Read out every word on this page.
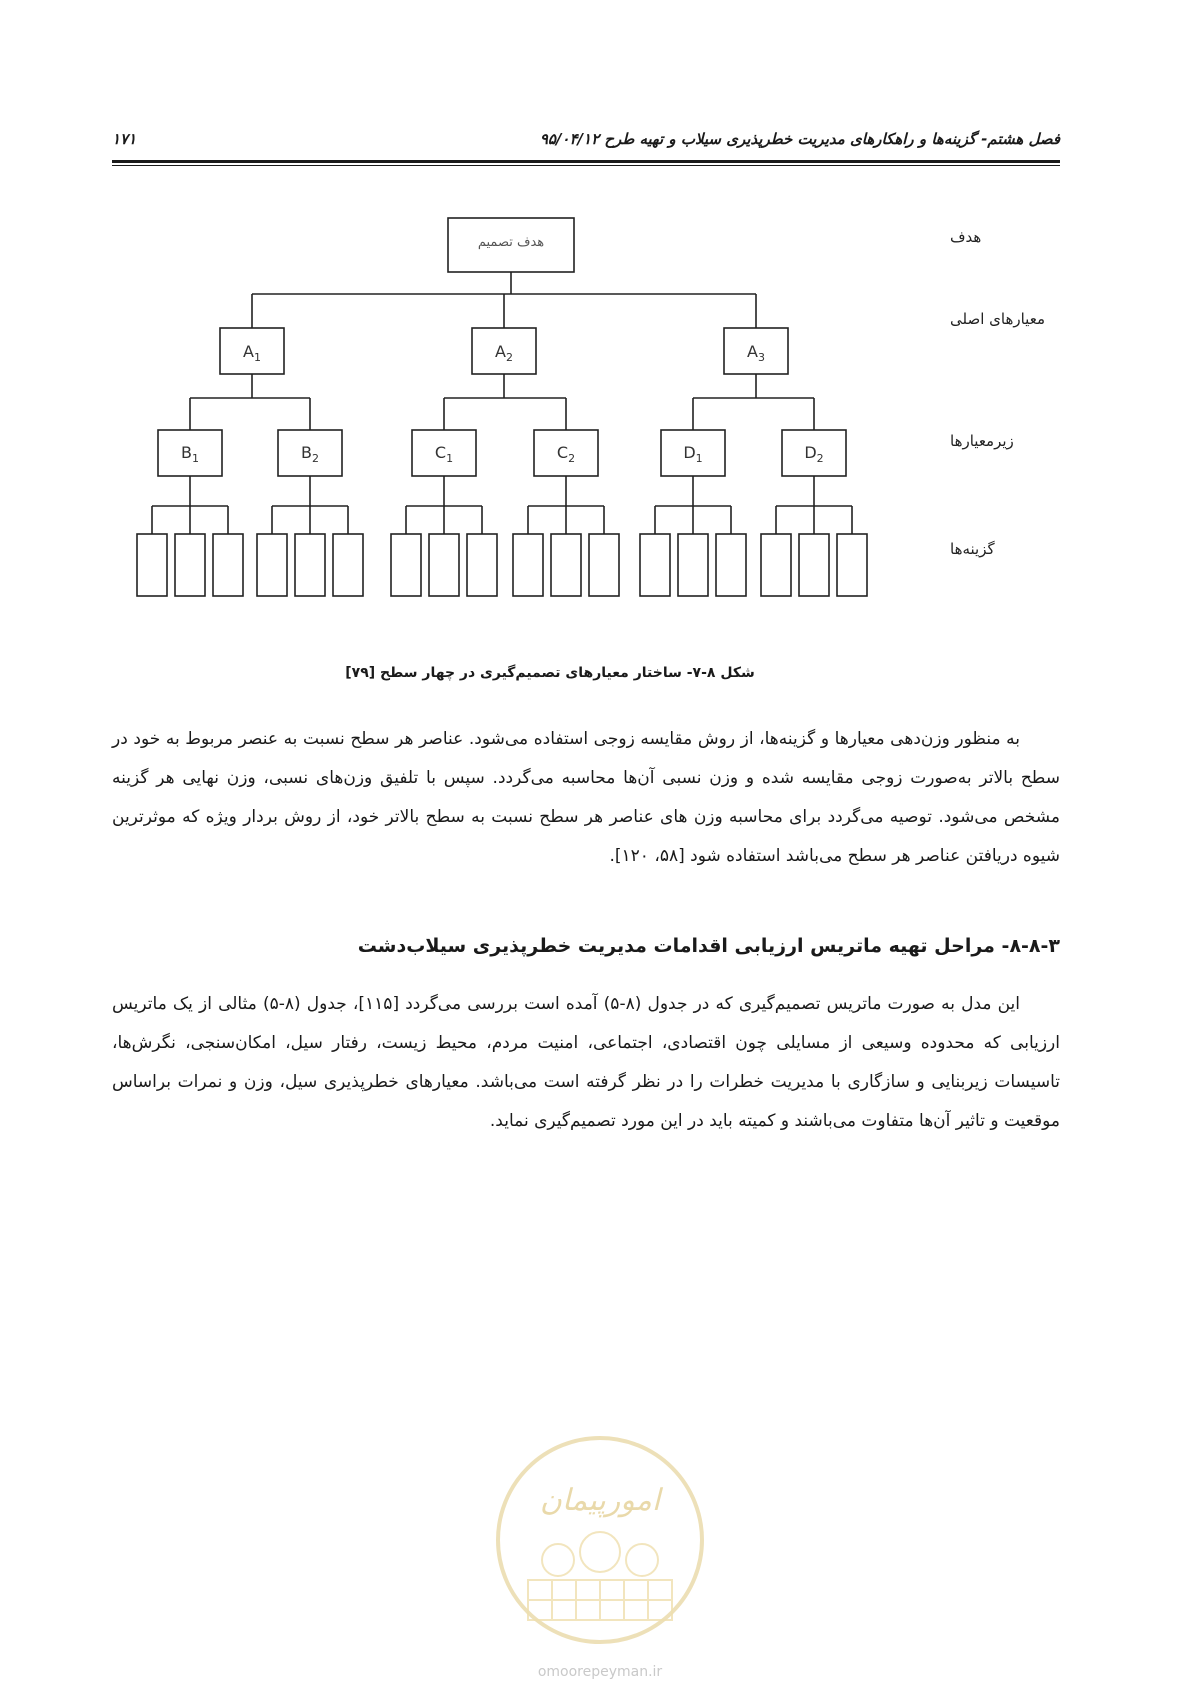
فصل هشتم- گزینه‌ها و راهکارهای مدیریت خطرپذیری سیلاب و تهیه طرح ۹۵/۰۴/۱۲
۱۷۱
هدف
معیارهای اصلی
زیرمعیارها
گزینه‌ها
هدف تصمیم
$A_1$	$A_2$	$A_3$
$B_1$	$B_2$	$C_1$	$C_2$	$D_1$	$D_2$
شکل ۸-۷- ساختار معیارهای تصمیم‌گیری در چهار سطح [۷۹]
به منظور وزن‌دهی معیارها و گزینه‌ها، از روش مقایسه زوجی استفاده می‌شود. عناصر هر سطح نسبت به عنصر مربوط به خود در سطح بالاتر به‌صورت زوجی مقایسه شده و وزن نسبی آن‌ها محاسبه می‌گردد. سپس با تلفیق وزن‌های نسبی، وزن نهایی هر گزینه مشخص می‌شود. توصیه می‌گردد برای محاسبه وزن های عناصر هر سطح نسبت به سطح بالاتر خود، از روش بردار ویژه که موثرترین شیوه دریافتن عناصر هر سطح می‌باشد استفاده شود [۵۸، ۱۲۰].
۸-۸-۳- مراحل تهیه ماتریس ارزیابی اقدامات مدیریت خطرپذیری سیلاب‌دشت
این مدل به صورت ماتریس تصمیم‌گیری که در جدول (۸-۵) آمده است بررسی می‌گردد [۱۱۵]، جدول (۸-۵) مثالی از یک ماتریس ارزیابی که محدوده وسیعی از مسایلی چون اقتصادی، اجتماعی، امنیت مردم، محیط زیست، رفتار سیل، امکان‌سنجی، نگرش‌ها، تاسیسات زیربنایی و سازگاری با مدیریت خطرات را در نظر گرفته است می‌باشد. معیارهای خطرپذیری سیل، وزن و نمرات براساس موقعیت و تاثیر آن‌ها متفاوت می‌باشند و کمیته باید در این مورد تصمیم‌گیری نماید.
امورپیمان
omoorepeyman.ir
